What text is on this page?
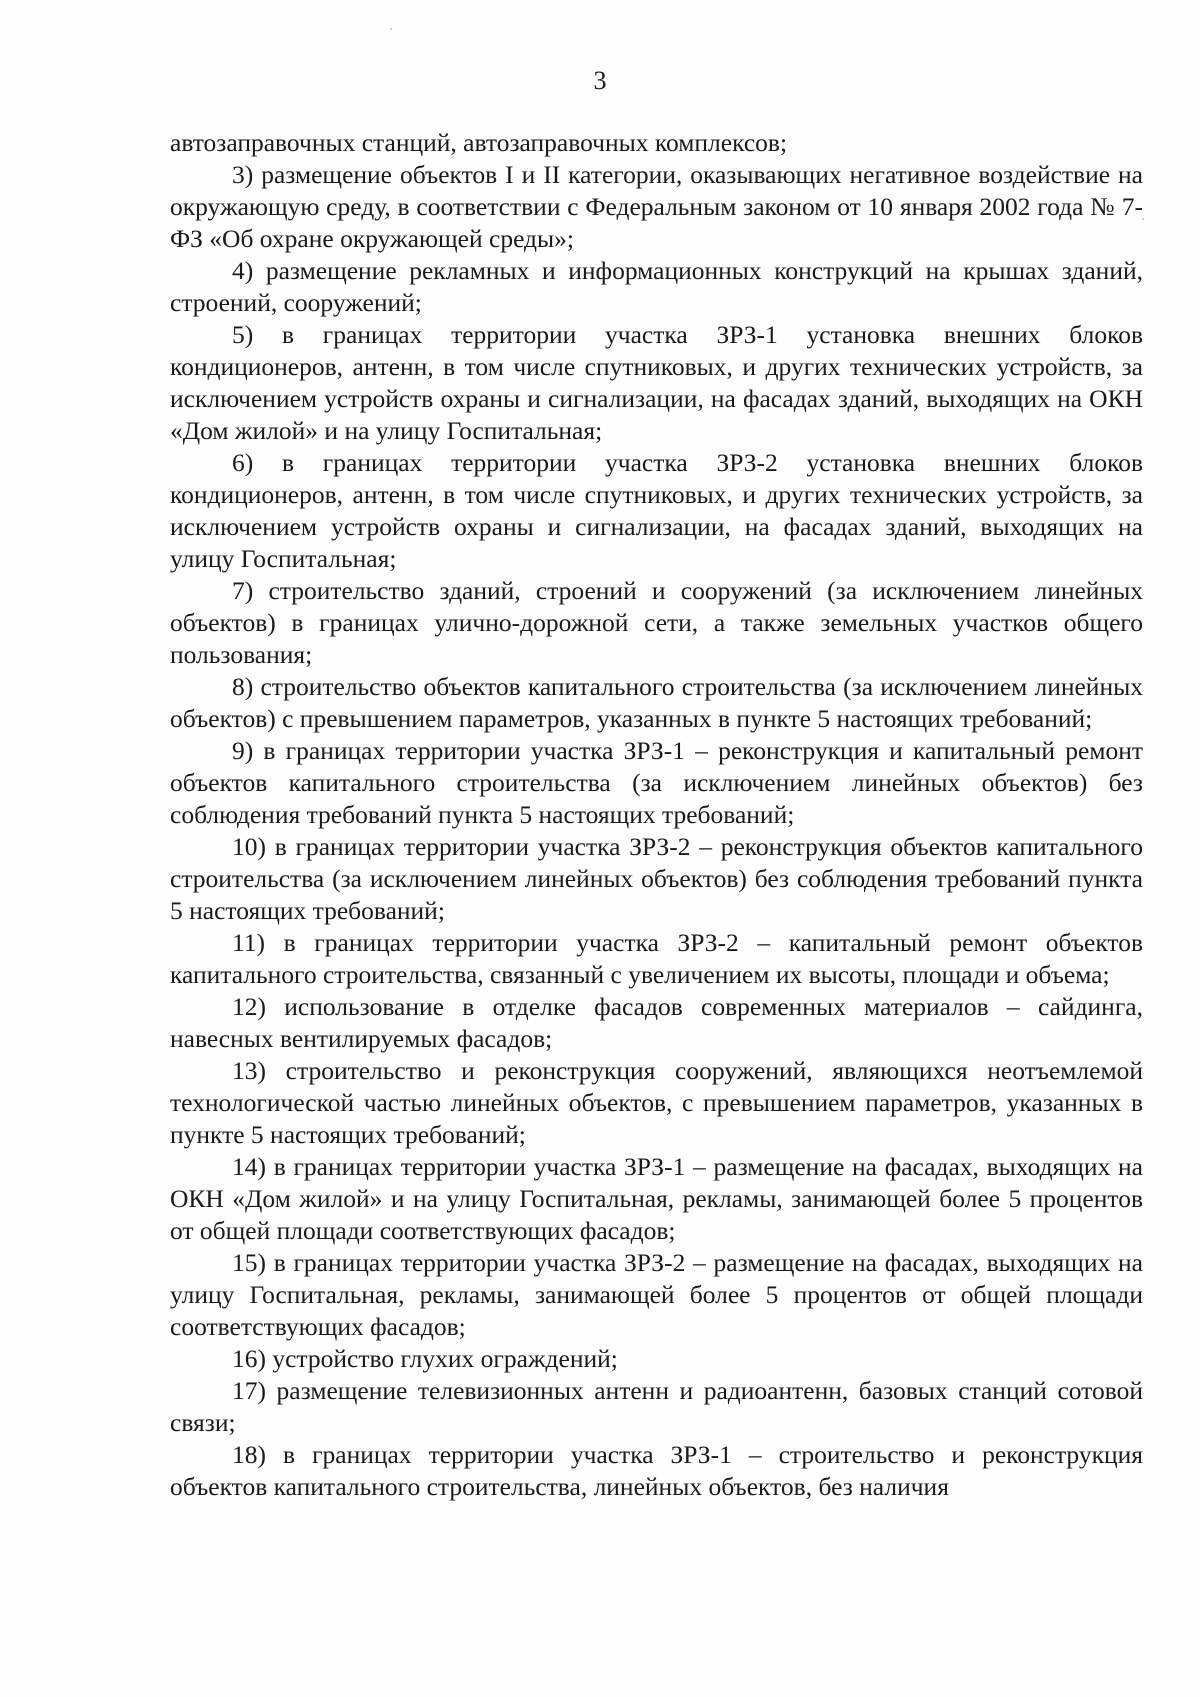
3

автозаправочных станций, автозаправочных комплексов;

3) размещение объектов I и II категории, оказывающих негативное воздействие на окружающую среду, в соответствии с Федеральным законом от 10 января 2002 года № 7-ФЗ «Об охране окружающей среды»;

4) размещение рекламных и информационных конструкций на крышах зданий, строений, сооружений;

5) в границах территории участка ЗРЗ-1 установка внешних блоков кондиционеров, антенн, в том числе спутниковых, и других технических устройств, за исключением устройств охраны и сигнализации, на фасадах зданий, выходящих на ОКН «Дом жилой» и на улицу Госпитальная;

6) в границах территории участка ЗРЗ-2 установка внешних блоков кондиционеров, антенн, в том числе спутниковых, и других технических устройств, за исключением устройств охраны и сигнализации, на фасадах зданий, выходящих на улицу Госпитальная;

7) строительство зданий, строений и сооружений (за исключением линейных объектов) в границах улично-дорожной сети, а также земельных участков общего пользования;

8) строительство объектов капитального строительства (за исключением линейных объектов) с превышением параметров, указанных в пункте 5 настоящих требований;

9) в границах территории участка ЗРЗ-1 – реконструкция и капитальный ремонт объектов капитального строительства (за исключением линейных объектов) без соблюдения требований пункта 5 настоящих требований;

10) в границах территории участка ЗРЗ-2 – реконструкция объектов капитального строительства (за исключением линейных объектов) без соблюдения требований пункта 5 настоящих требований;

11) в границах территории участка ЗРЗ-2 – капитальный ремонт объектов капитального строительства, связанный с увеличением их высоты, площади и объема;

12) использование в отделке фасадов современных материалов – сайдинга, навесных вентилируемых фасадов;

13) строительство и реконструкция сооружений, являющихся неотъемлемой технологической частью линейных объектов, с превышением параметров, указанных в пункте 5 настоящих требований;

14) в границах территории участка ЗРЗ-1 – размещение на фасадах, выходящих на ОКН «Дом жилой» и на улицу Госпитальная, рекламы, занимающей более 5 процентов от общей площади соответствующих фасадов;

15) в границах территории участка ЗРЗ-2 – размещение на фасадах, выходящих на улицу Госпитальная, рекламы, занимающей более 5 процентов от общей площади соответствующих фасадов;

16) устройство глухих ограждений;

17) размещение телевизионных антенн и радиоантенн, базовых станций сотовой связи;

18) в границах территории участка ЗРЗ-1 – строительство и реконструкция объектов капитального строительства, линейных объектов, без наличия
